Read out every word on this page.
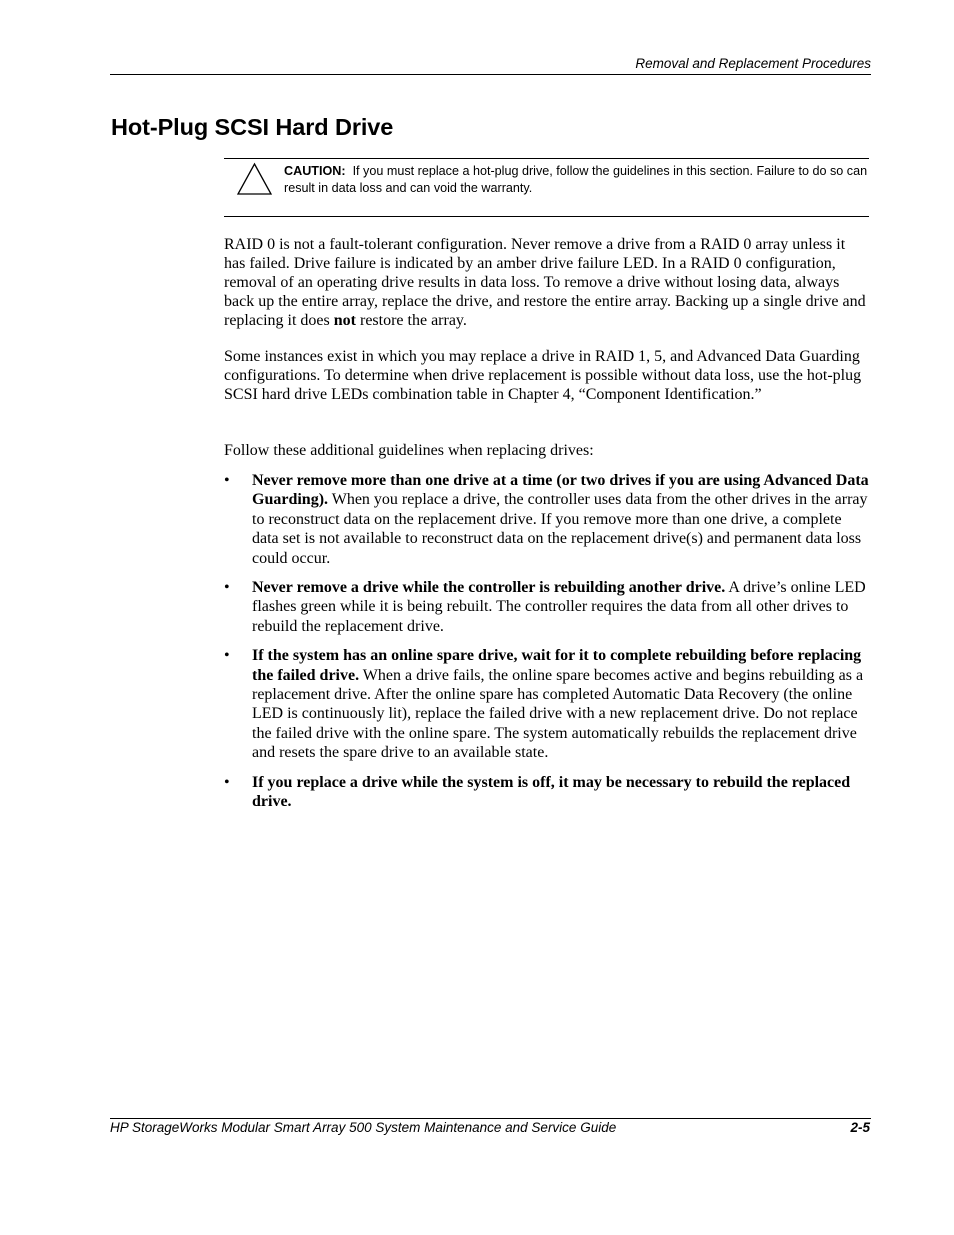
Removal and Replacement Procedures
Hot-Plug SCSI Hard Drive
CAUTION: If you must replace a hot-plug drive, follow the guidelines in this section. Failure to do so can result in data loss and can void the warranty.

RAID 0 is not a fault-tolerant configuration. Never remove a drive from a RAID 0 array unless it has failed. Drive failure is indicated by an amber drive failure LED. In a RAID 0 configuration, removal of an operating drive results in data loss. To remove a drive without losing data, always back up the entire array, replace the drive, and restore the entire array. Backing up a single drive and replacing it does not restore the array.

Some instances exist in which you may replace a drive in RAID 1, 5, and Advanced Data Guarding configurations. To determine when drive replacement is possible without data loss, use the hot-plug SCSI hard drive LEDs combination table in Chapter 4, “Component Identification.”

Follow these additional guidelines when replacing drives:

• Never remove more than one drive at a time (or two drives if you are using Advanced Data Guarding). When you replace a drive, the controller uses data from the other drives in the array to reconstruct data on the replacement drive. If you remove more than one drive, a complete data set is not available to reconstruct data on the replacement drive(s) and permanent data loss could occur.
• Never remove a drive while the controller is rebuilding another drive. A drive’s online LED flashes green while it is being rebuilt. The controller requires the data from all other drives to rebuild the replacement drive.
• If the system has an online spare drive, wait for it to complete rebuilding before replacing the failed drive. When a drive fails, the online spare becomes active and begins rebuilding as a replacement drive. After the online spare has completed Automatic Data Recovery (the online LED is continuously lit), replace the failed drive with a new replacement drive. Do not replace the failed drive with the online spare. The system automatically rebuilds the replacement drive and resets the spare drive to an available state.
• If you replace a drive while the system is off, it may be necessary to rebuild the replaced drive.
HP StorageWorks Modular Smart Array 500 System Maintenance and Service Guide	2-5
